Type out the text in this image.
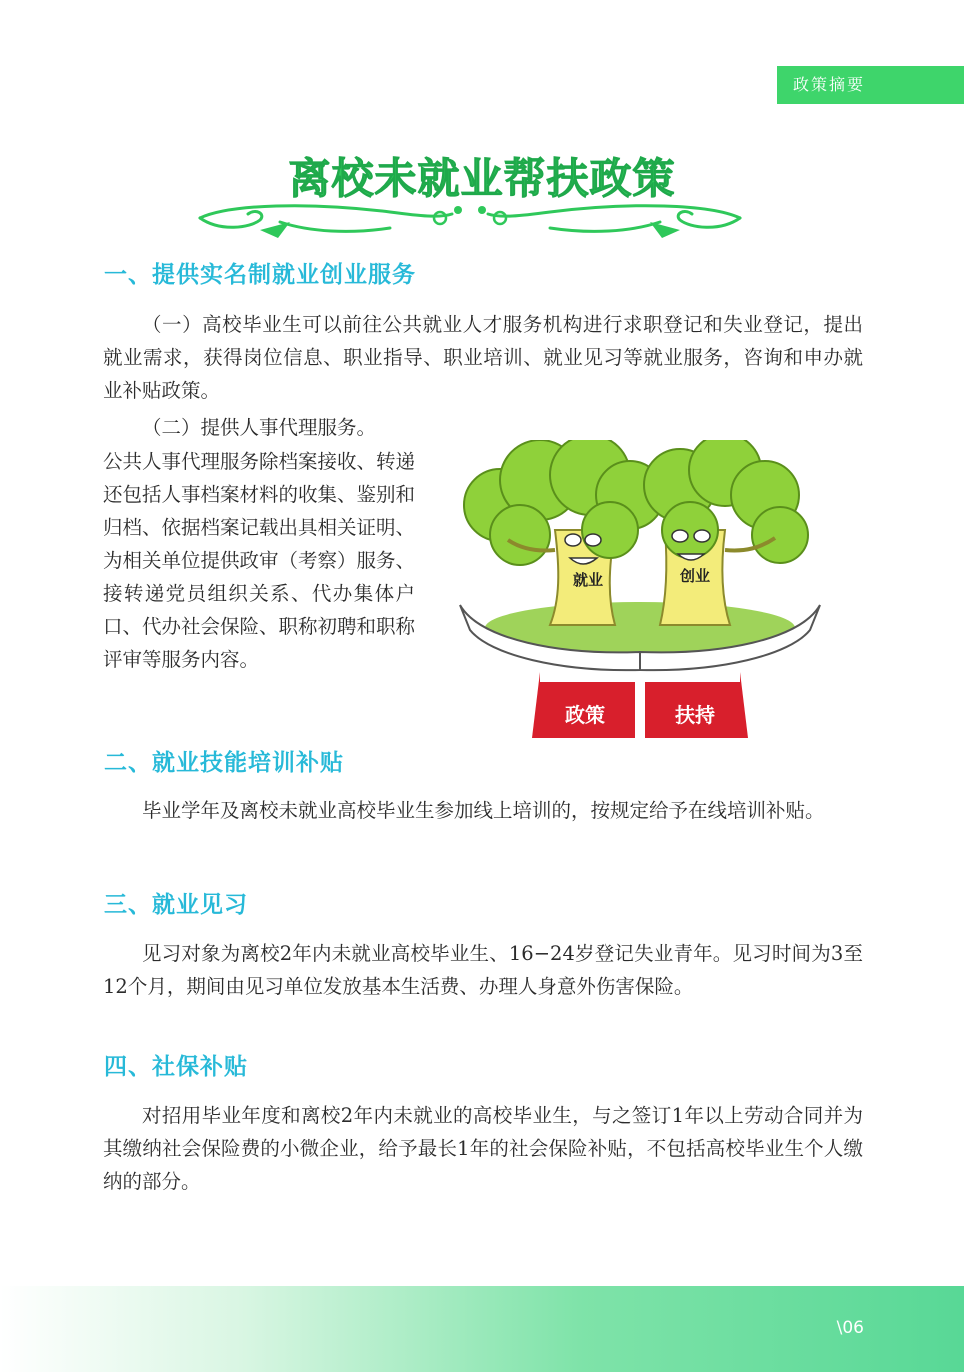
政策摘要
离校未就业帮扶政策
一、提供实名制就业创业服务

（一）高校毕业生可以前往公共就业人才服务机构进行求职登记和失业登记，提出就业需求，获得岗位信息、职业指导、职业培训、就业见习等就业服务，咨询和申办就业补贴政策。

（二）提供人事代理服务。

公共人事代理服务除档案接收、转递还包括人事档案材料的收集、鉴别和归档、依据档案记载出具相关证明、为相关单位提供政审（考察）服务、接转递党员组织关系、代办集体户口、代办社会保险、职称初聘和职称评审等服务内容。

就业	创业
政策	扶持
二、就业技能培训补贴

毕业学年及离校未就业高校毕业生参加线上培训的，按规定给予在线培训补贴。

三、就业见习

见习对象为离校2年内未就业高校毕业生、16−24岁登记失业青年。见习时间为3至12个月，期间由见习单位发放基本生活费、办理人身意外伤害保险。

四、社保补贴

对招用毕业年度和离校2年内未就业的高校毕业生，与之签订1年以上劳动合同并为其缴纳社会保险费的小微企业，给予最长1年的社会保险补贴，不包括高校毕业生个人缴纳的部分。

\06
